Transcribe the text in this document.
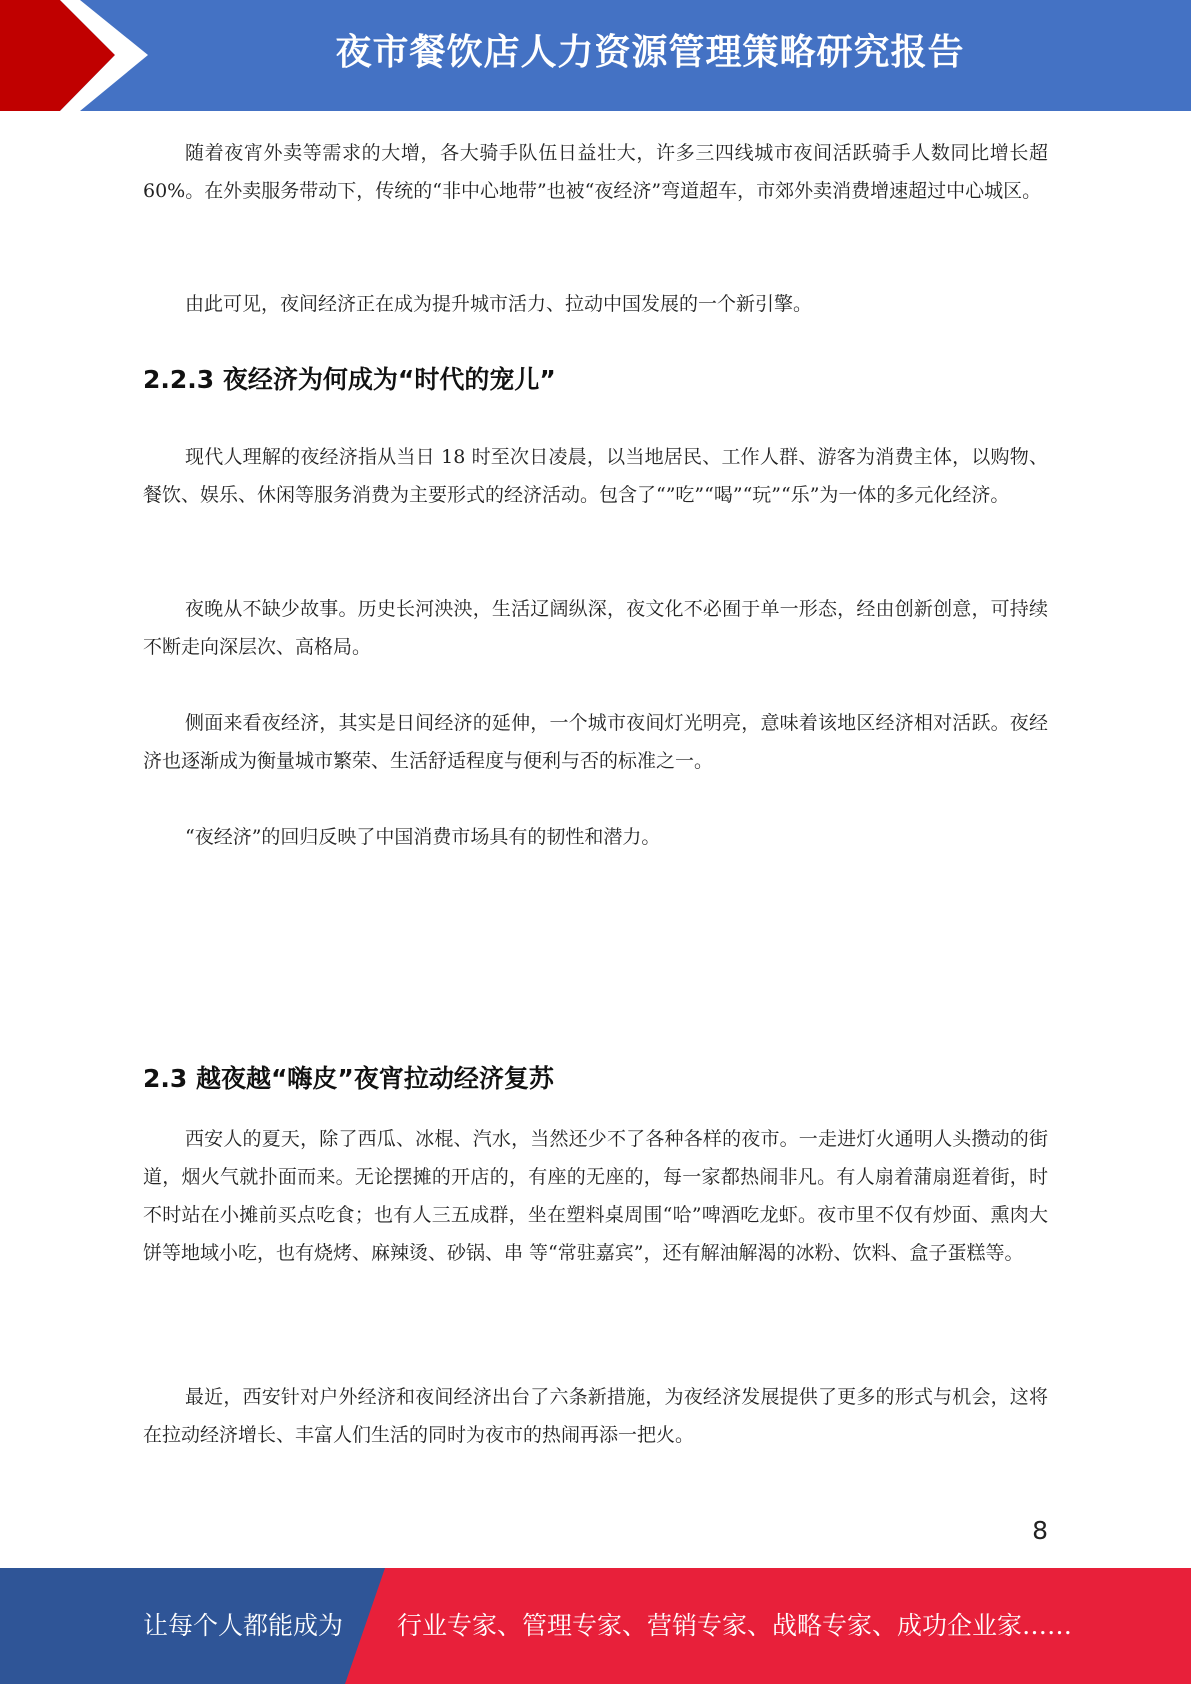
夜市餐饮店人力资源管理策略研究报告

随着夜宵外卖等需求的大增，各大骑手队伍日益壮大，许多三四线城市夜间活跃骑手人数同比增长超 60%。在外卖服务带动下，传统的“非中心地带”也被“夜经济”弯道超车，市郊外卖消费增速超过中心城区。

由此可见，夜间经济正在成为提升城市活力、拉动中国发展的一个新引擎。

2.2.3 夜经济为何成为“时代的宠儿”

现代人理解的夜经济指从当日 18 时至次日凌晨，以当地居民、工作人群、游客为消费主体，以购物、餐饮、娱乐、休闲等服务消费为主要形式的经济活动。包含了“”吃”“喝”“玩”“乐”为一体的多元化经济。

夜晚从不缺少故事。历史长河泱泱，生活辽阔纵深，夜文化不必囿于单一形态，经由创新创意，可持续不断走向深层次、高格局。

侧面来看夜经济，其实是日间经济的延伸，一个城市夜间灯光明亮，意味着该地区经济相对活跃。夜经济也逐渐成为衡量城市繁荣、生活舒适程度与便利与否的标准之一。

“夜经济”的回归反映了中国消费市场具有的韧性和潜力。

2.3 越夜越“嗨皮”夜宵拉动经济复苏

西安人的夏天，除了西瓜、冰棍、汽水，当然还少不了各种各样的夜市。一走进灯火通明人头攒动的街道，烟火气就扑面而来。无论摆摊的开店的，有座的无座的，每一家都热闹非凡。有人扇着蒲扇逛着街，时不时站在小摊前买点吃食；也有人三五成群，坐在塑料桌周围“哈”啤酒吃龙虾。夜市里不仅有炒面、熏肉大饼等地域小吃，也有烧烤、麻辣烫、砂锅、串 等“常驻嘉宾”，还有解油解渴的冰粉、饮料、盒子蛋糕等。

最近，西安针对户外经济和夜间经济出台了六条新措施，为夜经济发展提供了更多的形式与机会，这将在拉动经济增长、丰富人们生活的同时为夜市的热闹再添一把火。

8
让每个人都能成为 行业专家、管理专家、营销专家、战略专家、成功企业家……
